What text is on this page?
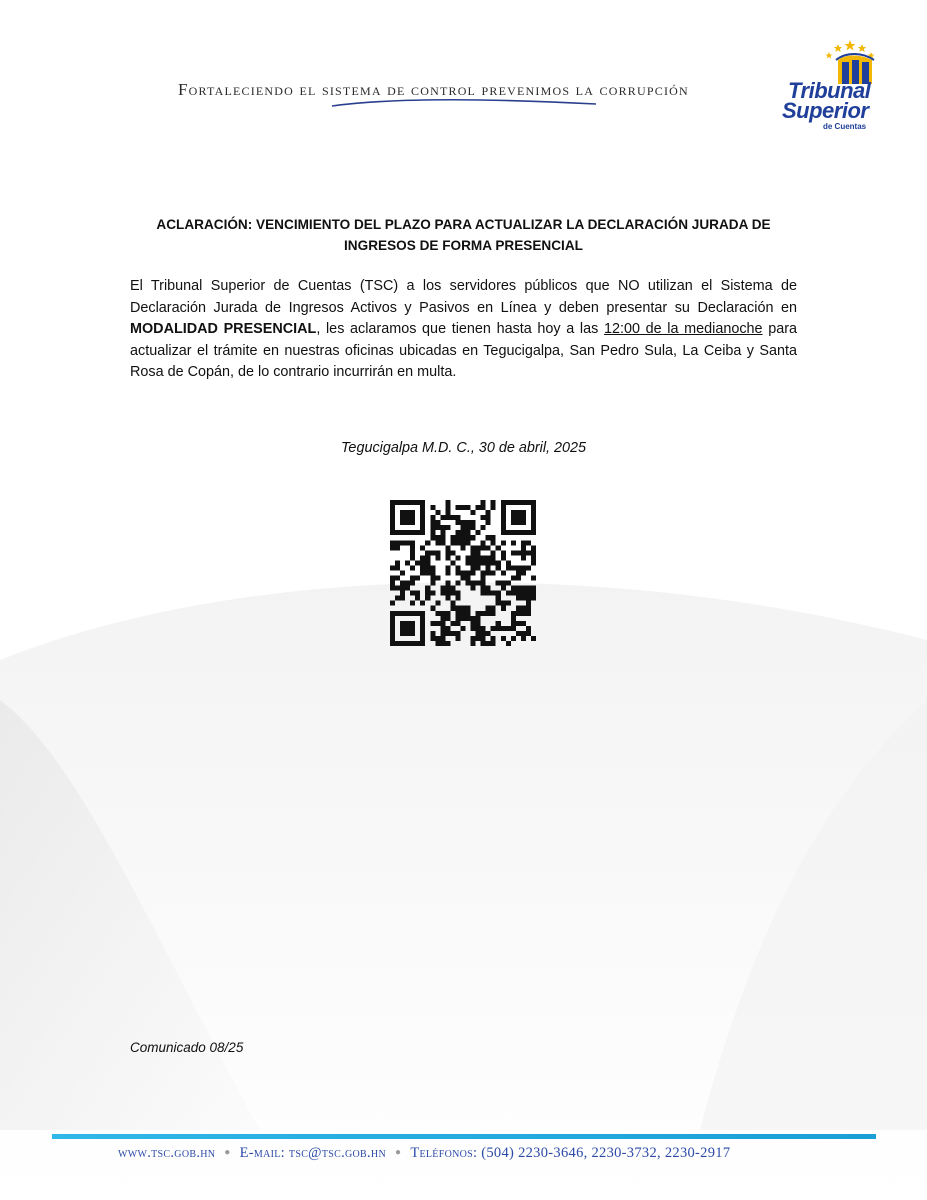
Fortaleciendo el sistema de control prevenimos la corrupción	Tribunal
Superior
de Cuentas
ACLARACIÓN: VENCIMIENTO DEL PLAZO PARA ACTUALIZAR LA DECLARACIÓN JURADA DE INGRESOS DE FORMA PRESENCIAL

El Tribunal Superior de Cuentas (TSC) a los servidores públicos que NO utilizan el Sistema de Declaración Jurada de Ingresos Activos y Pasivos en Línea y deben presentar su Declaración en MODALIDAD PRESENCIAL, les aclaramos que tienen hasta hoy a las 12:00 de la medianoche para actualizar el trámite en nuestras oficinas ubicadas en Tegucigalpa, San Pedro Sula, La Ceiba y Santa Rosa de Copán, de lo contrario incurrirán en multa.

Tegucigalpa M.D. C., 30 de abril, 2025
Comunicado 08/25
www.tsc.gob.hn ● E-mail: tsc@tsc.gob.hn ● Teléfonos: (504) 2230-3646, 2230-3732, 2230-2917
